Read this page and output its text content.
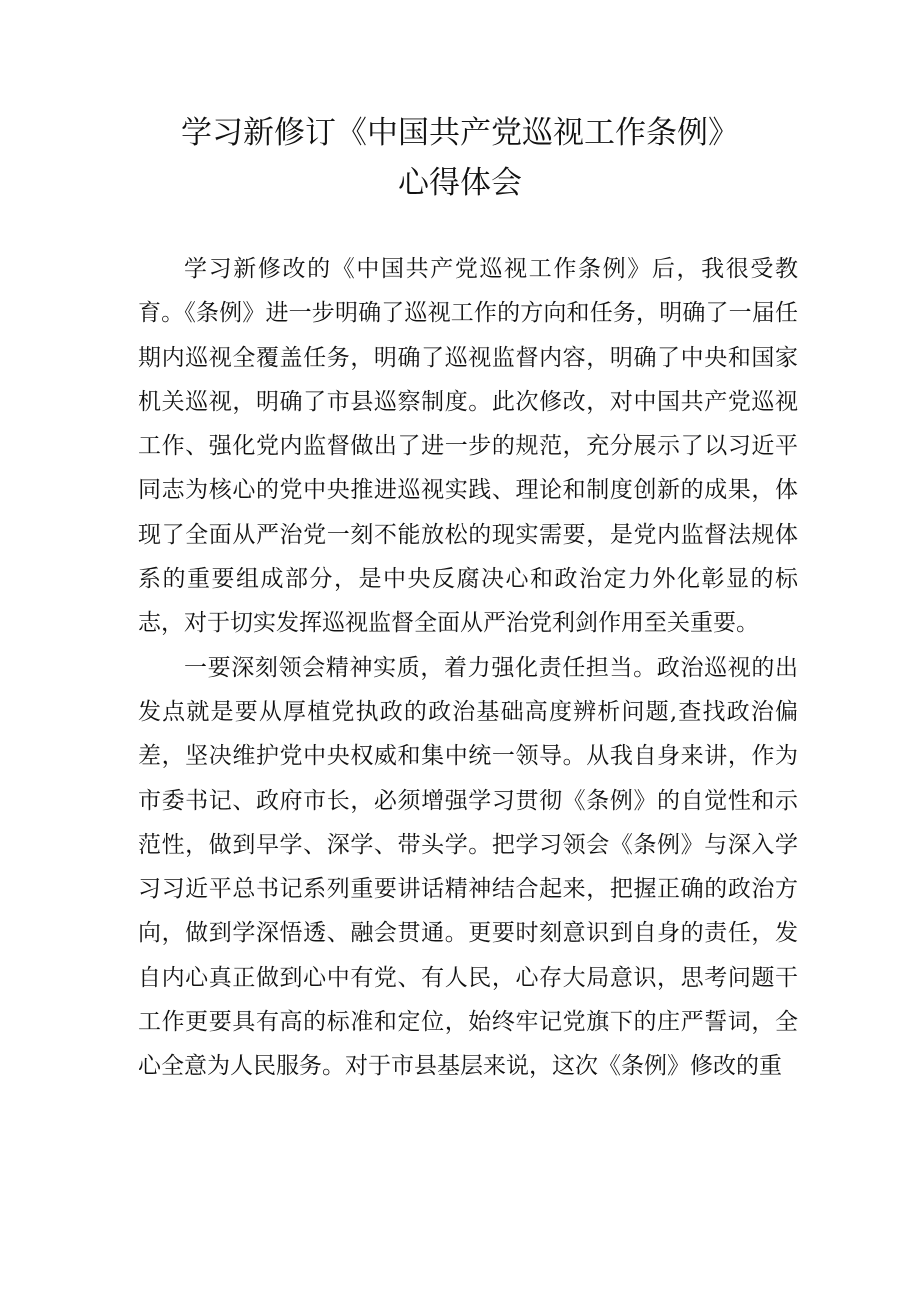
学习新修订《中国共产党巡视工作条例》
心得体会

学习新修改的《中国共产党巡视工作条例》后，我很受教育。《条例》进一步明确了巡视工作的方向和任务，明确了一届任期内巡视全覆盖任务，明确了巡视监督内容，明确了中央和国家机关巡视，明确了市县巡察制度。此次修改，对中国共产党巡视工作、强化党内监督做出了进一步的规范，充分展示了以习近平同志为核心的党中央推进巡视实践、理论和制度创新的成果，体现了全面从严治党一刻不能放松的现实需要，是党内监督法规体系的重要组成部分，是中央反腐决心和政治定力外化彰显的标志，对于切实发挥巡视监督全面从严治党利剑作用至关重要。

一要深刻领会精神实质，着力强化责任担当。政治巡视的出发点就是要从厚植党执政的政治基础高度辨析问题,查找政治偏差，坚决维护党中央权威和集中统一领导。从我自身来讲，作为市委书记、政府市长，必须增强学习贯彻《条例》的自觉性和示范性，做到早学、深学、带头学。把学习领会《条例》与深入学习习近平总书记系列重要讲话精神结合起来，把握正确的政治方向，做到学深悟透、融会贯通。更要时刻意识到自身的责任，发自内心真正做到心中有党、有人民，心存大局意识，思考问题干工作更要具有高的标准和定位，始终牢记党旗下的庄严誓词，全心全意为人民服务。对于市县基层来说，这次《条例》修改的重
